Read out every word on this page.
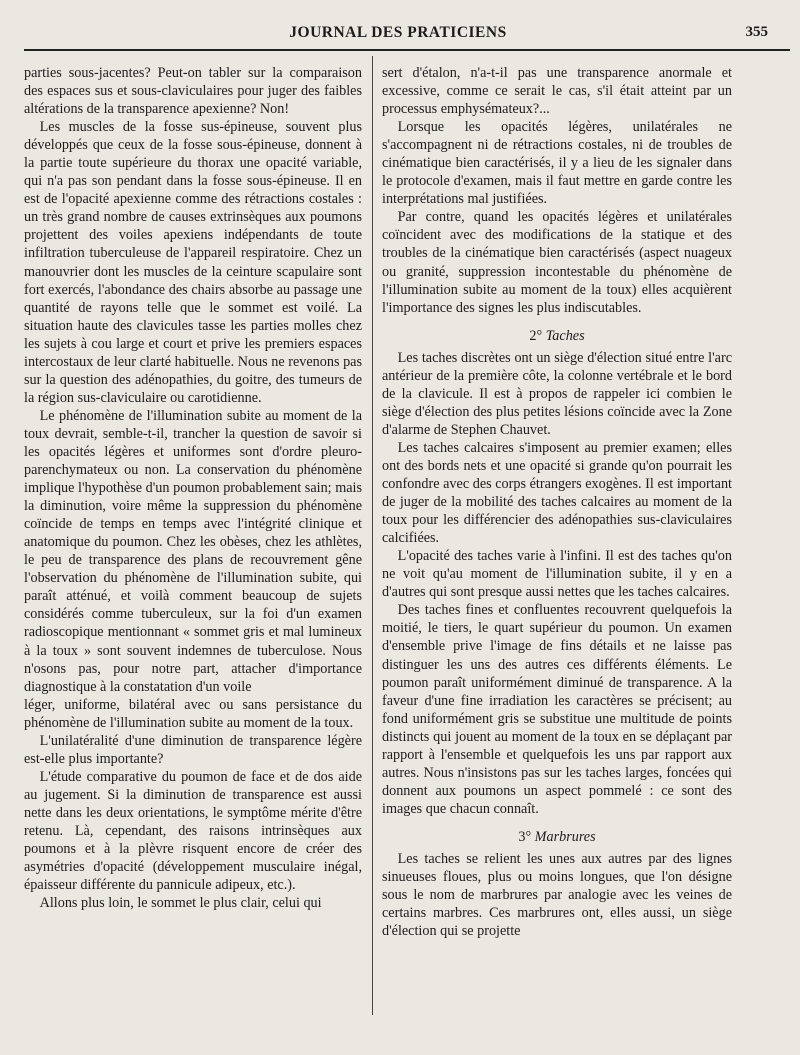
JOURNAL DES PRATICIENS	355

parties sous-jacentes? Peut-on tabler sur la comparaison des espaces sus et sous-claviculaires pour juger des faibles altérations de la transparence apexienne? Non!

Les muscles de la fosse sus-épineuse, souvent plus développés que ceux de la fosse sous-épineuse, donnent à la partie toute supérieure du thorax une opacité variable, qui n'a pas son pendant dans la fosse sous-épineuse. Il en est de l'opacité apexienne comme des rétractions costales : un très grand nombre de causes extrinsèques aux poumons projettent des voiles apexiens indépendants de toute infiltration tuberculeuse de l'appareil respiratoire. Chez un manouvrier dont les muscles de la ceinture scapulaire sont fort exercés, l'abondance des chairs absorbe au passage une quantité de rayons telle que le sommet est voilé. La situation haute des clavicules tasse les parties molles chez les sujets à cou large et court et prive les premiers espaces intercostaux de leur clarté habituelle. Nous ne revenons pas sur la question des adénopathies, du goitre, des tumeurs de la région sus-claviculaire ou carotidienne.

Le phénomène de l'illumination subite au moment de la toux devrait, semble-t-il, trancher la question de savoir si les opacités légères et uniformes sont d'ordre pleuro-parenchymateux ou non. La conservation du phénomène implique l'hypothèse d'un poumon probablement sain; mais la diminution, voire même la suppression du phénomène coïncide de temps en temps avec l'intégrité clinique et anatomique du poumon. Chez les obèses, chez les athlètes, le peu de transparence des plans de recouvrement gêne l'observation du phénomène de l'illumination subite, qui paraît atténué, et voilà comment beaucoup de sujets considérés comme tuberculeux, sur la foi d'un examen radioscopique mentionnant « sommet gris et mal lumineux à la toux » sont souvent indemnes de tuberculose. Nous n'osons pas, pour notre part, attacher d'importance diagnostique à la constatation d'un voile

léger, uniforme, bilatéral avec ou sans persistance du phénomène de l'illumination subite au moment de la toux.

L'unilatéralité d'une diminution de transparence légère est-elle plus importante?

L'étude comparative du poumon de face et de dos aide au jugement. Si la diminution de transparence est aussi nette dans les deux orientations, le symptôme mérite d'être retenu. Là, cependant, des raisons intrinsèques aux poumons et à la plèvre risquent encore de créer des asymétries d'opacité (développement musculaire inégal, épaisseur différente du pannicule adipeux, etc.).

Allons plus loin, le sommet le plus clair, celui qui

sert d'étalon, n'a-t-il pas une transparence anormale et excessive, comme ce serait le cas, s'il était atteint par un processus emphysémateux?...

Lorsque les opacités légères, unilatérales ne s'accompagnent ni de rétractions costales, ni de troubles de cinématique bien caractérisés, il y a lieu de les signaler dans le protocole d'examen, mais il faut mettre en garde contre les interprétations mal justifiées.

Par contre, quand les opacités légères et unilatérales coïncident avec des modifications de la statique et des troubles de la cinématique bien caractérisés (aspect nuageux ou granité, suppression incontestable du phénomène de l'illumination subite au moment de la toux) elles acquièrent l'importance des signes les plus indiscutables.

2° Taches

Les taches discrètes ont un siège d'élection situé entre l'arc antérieur de la première côte, la colonne vertébrale et le bord de la clavicule. Il est à propos de rappeler ici combien le siège d'élection des plus petites lésions coïncide avec la Zone d'alarme de Stephen Chauvet.

Les taches calcaires s'imposent au premier examen; elles ont des bords nets et une opacité si grande qu'on pourrait les confondre avec des corps étrangers exogènes. Il est important de juger de la mobilité des taches calcaires au moment de la toux pour les différencier des adénopathies sus-claviculaires calcifiées.

L'opacité des taches varie à l'infini. Il est des taches qu'on ne voit qu'au moment de l'illumination subite, il y en a d'autres qui sont presque aussi nettes que les taches calcaires.

Des taches fines et confluentes recouvrent quelquefois la moitié, le tiers, le quart supérieur du poumon. Un examen d'ensemble prive l'image de fins détails et ne laisse pas distinguer les uns des autres ces différents éléments. Le poumon paraît uniformément diminué de transparence. A la faveur d'une fine irradiation les caractères se précisent; au fond uniformément gris se substitue une multitude de points distincts qui jouent au moment de la toux en se déplaçant par rapport à l'ensemble et quelquefois les uns par rapport aux autres. Nous n'insistons pas sur les taches larges, foncées qui donnent aux poumons un aspect pommelé : ce sont des images que chacun connaît.

3° Marbrures

Les taches se relient les unes aux autres par des lignes sinueuses floues, plus ou moins longues, que l'on désigne sous le nom de marbrures par analogie avec les veines de certains marbres. Ces marbrures ont, elles aussi, un siège d'élection qui se projette
